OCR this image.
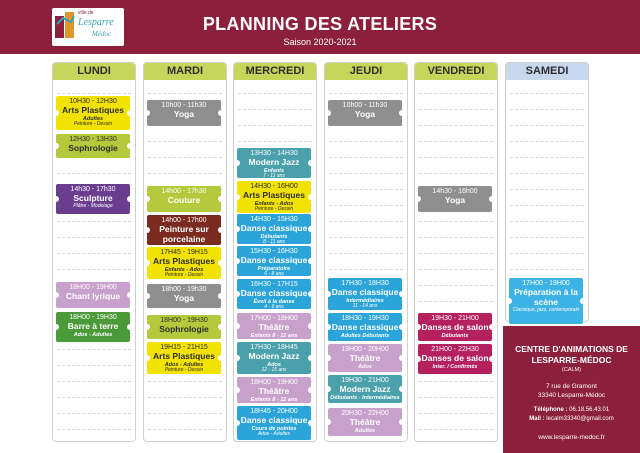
ville de
Lesparre
Médoc	PLANNING DES ATELIERS
Saison 2020-2021
LUNDI	MARDI	MERCREDI	JEUDI	VENDREDI	SAMEDI
10H30 - 12H30
Arts Plastiques
Adultes
Peinture - Dessin
12H30 - 13H30
Sophrologie
14h30 - 17h30
Sculpture
Plâtre - Modelage
18H00 - 19H00
Chant lyrique
18H00 - 19H30
Barre à terre
Ados - Adultes
10h00 - 11h30
Yoga
14h00 - 17h30
Couture
14h00 - 17h00
Peinture sur porcelaine
17H45 - 19H15
Arts Plastiques
Enfants - Ados
Peinture - Dessin
18h00 - 19h30
Yoga
18H00 - 19H30
Sophrologie
19H15 - 21H15
Arts Plastiques
Ados - Adultes
Peinture - Dessin
13H30 - 14H30
Modern Jazz
Enfants
7 - 11 ans
14H30 - 16H00
Arts Plastiques
Enfants - Ados
Peinture - Dessin
14H30 - 15H30
Danse classique
Débutants
8 - 11 ans
15H30 - 16H30
Danse classique
Préparatoire
6 - 8 ans
16H30 - 17H15
Danse classique
Éveil à la danse
4 - 6 ans
17H00 - 18H00
Théâtre
Enfants 8 - 12 ans
17H30 - 18H45
Modern Jazz
Ados
12 - 15 ans
18H00 - 19H00
Théâtre
Enfants 8 - 12 ans
18H45 - 20H00
Danse classique
Cours de pointes
Ados - Adultes
10h00 - 11h30
Yoga
17H30 - 18H30
Danse classique
Intermédiaires
11 - 14 ans
18H30 - 19H30
Danse classique
Adultes Débutants
19H00 - 20H00
Théâtre
Ados
19H30 - 21H00
Modern Jazz
Débutants - Intermédiaires
20H30 - 22H00
Théâtre
Adultes
14h30 - 16h00
Yoga
19H30 - 21H00
Danses de salon
Débutants
21H00 - 22H30
Danses de salon
Inter. / Confirmés
17H00 - 19H00
Préparation à la scène
Classique, jazz, contemporain
CENTRE D'ANIMATIONS DE
LESPARRE-MÉDOC
(CALM)
7 rue de Gramont
33340 Lesparre-Médoc
Téléphone : 06.18.56.43.01
Mail : lecalm33340@gmail.com
www.lesparre-medoc.fr
